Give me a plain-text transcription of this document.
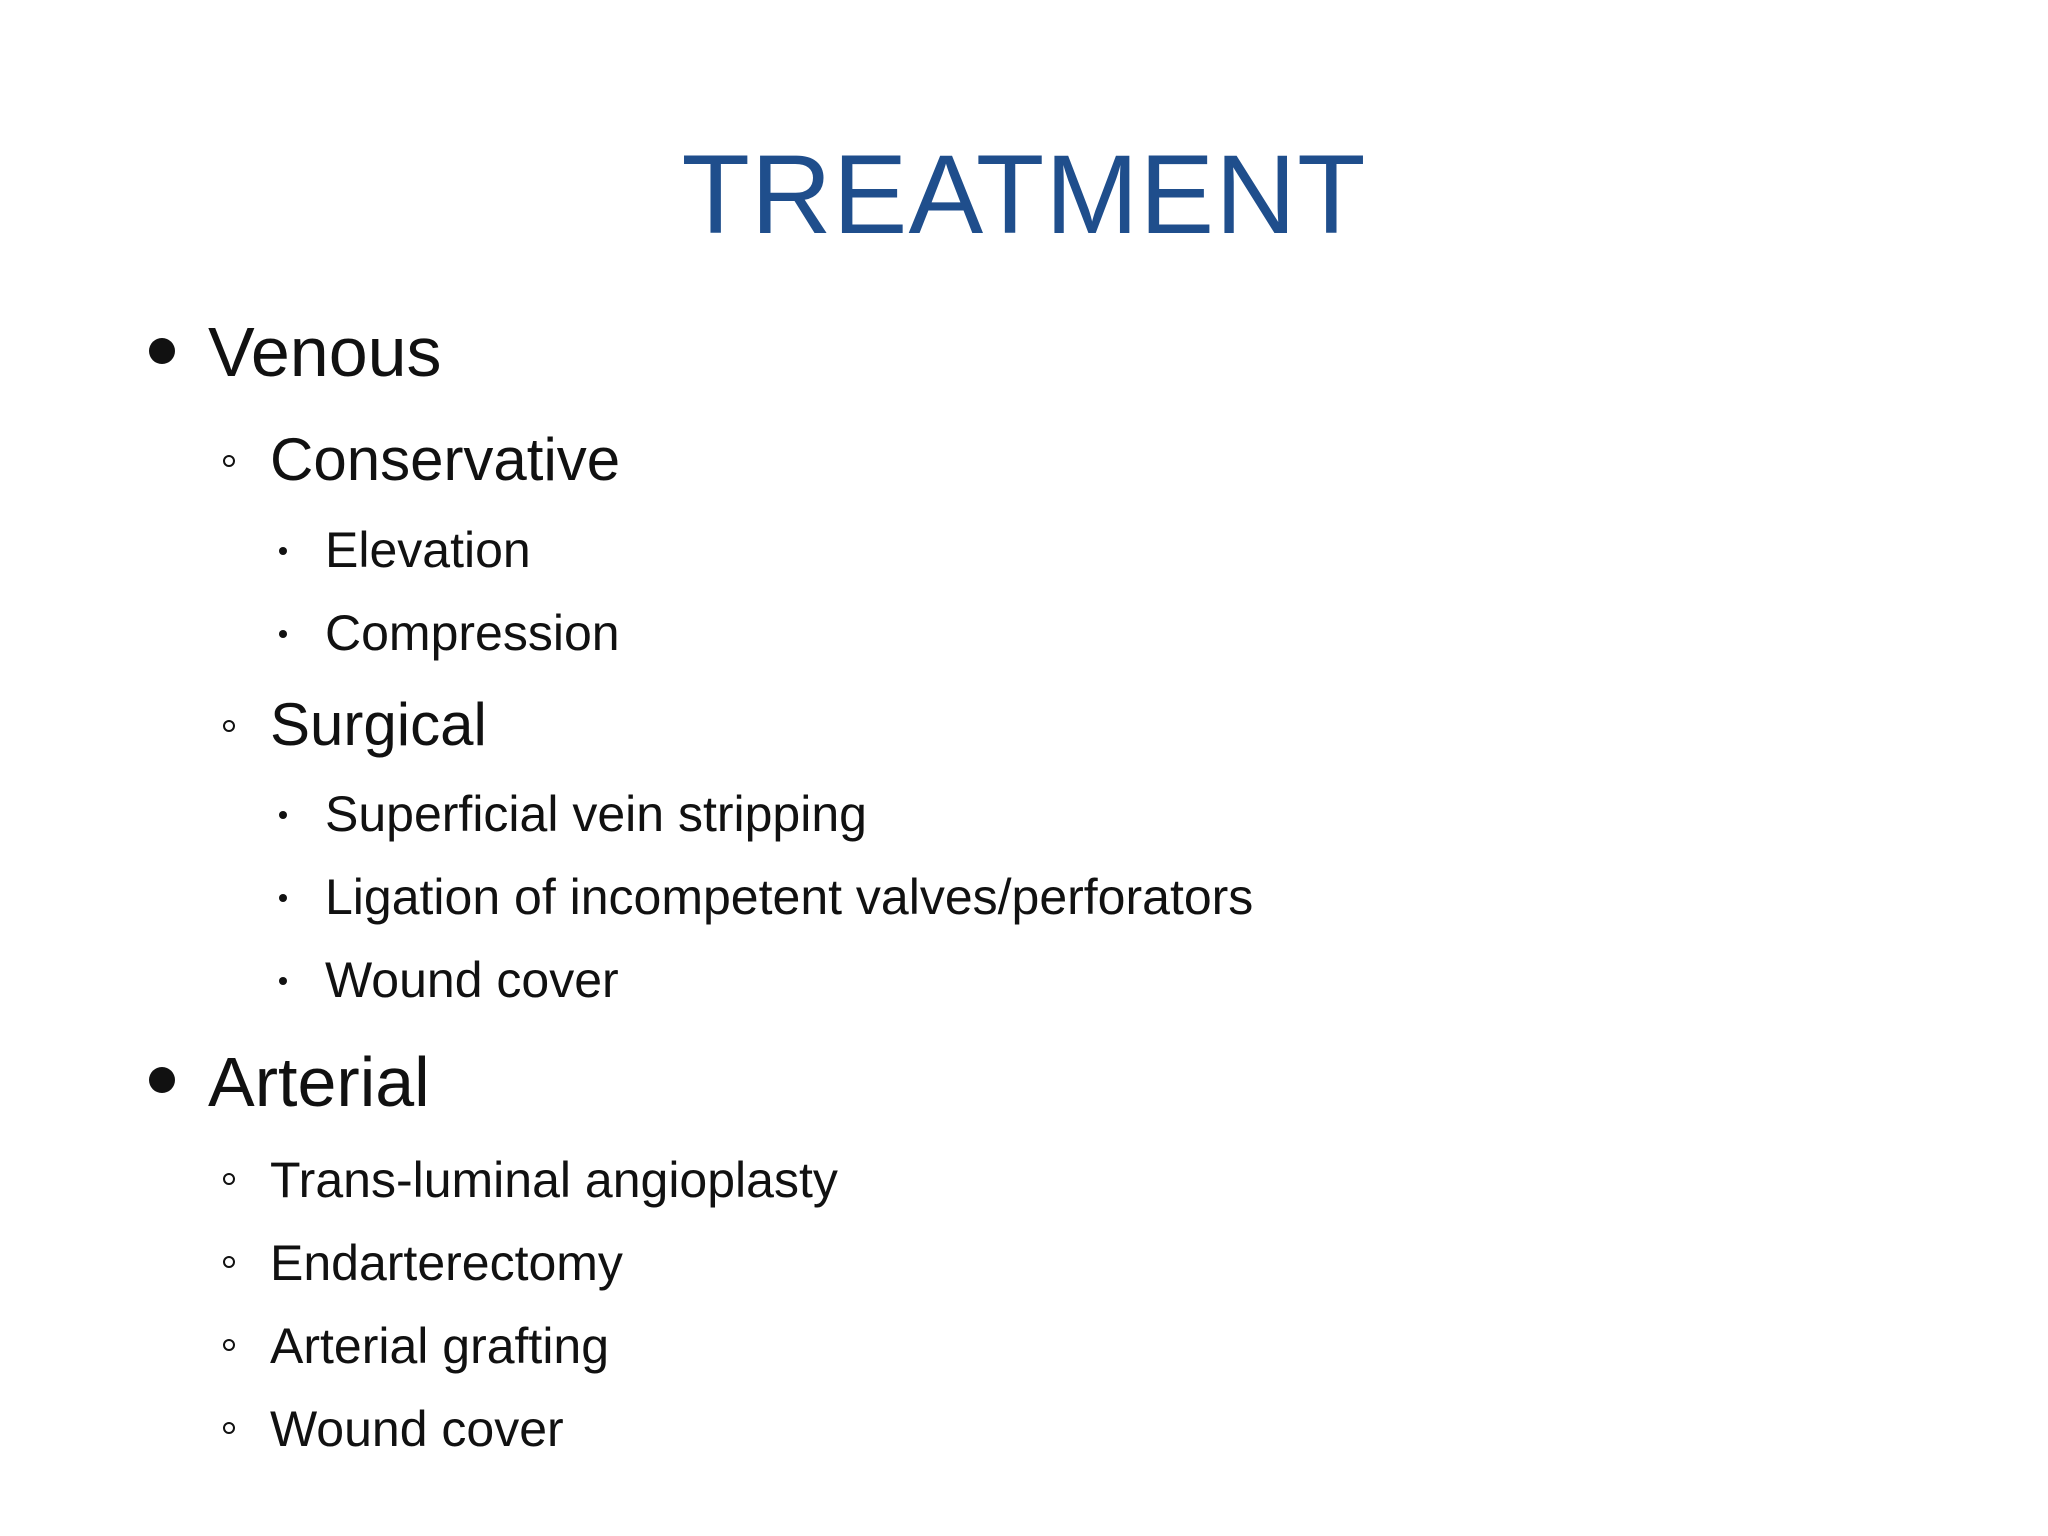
TREATMENT
Venous
Conservative
Elevation
Compression
Surgical
Superficial vein stripping
Ligation of incompetent valves/perforators
Wound cover
Arterial
Trans-luminal angioplasty
Endarterectomy
Arterial grafting
Wound cover
